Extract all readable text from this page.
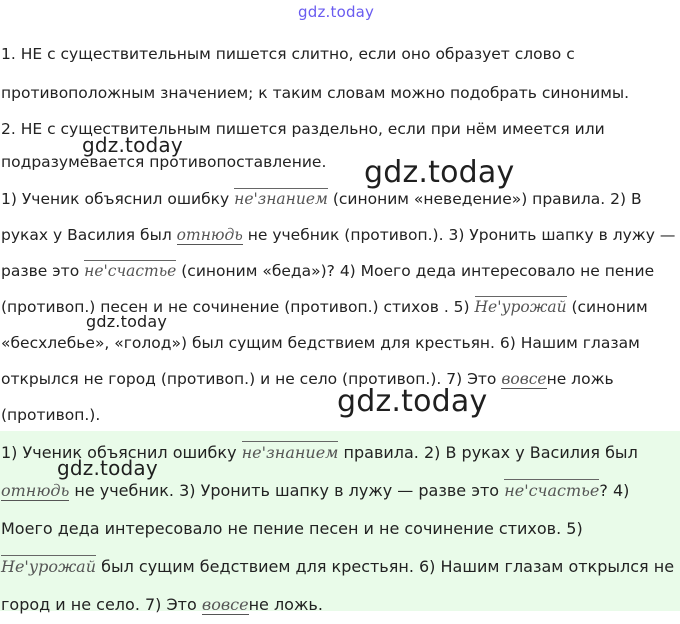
gdz.today
1. НЕ с существительным пишется слитно, если оно образует слово с противоположным значением; к таким словам можно подобрать синонимы.
2. НЕ с существительным пишется раздельно, если при нём имеется или подразумевается противопоставление.
1) Ученик объяснил ошибку не'знанием (синоним «неведение») правила. 2) В руках у Василия был отнюдь не учебник (противоп.). 3) Уронить шапку в лужу — разве это не'счастье (синоним «беда»)? 4) Моего деда интересовало не пение (противоп.) песен и не сочинение (противоп.) стихов . 5) Не'урожай (синоним «бесхлебье», «голод») был сущим бедствием для крестьян. 6) Нашим глазам открылся не город (противоп.) и не село (противоп.). 7) Это вовсене ложь (противоп.).
1) Ученик объяснил ошибку не'знанием правила. 2) В руках у Василия был отнюдь не учебник. 3) Уронить шапку в лужу — разве это не'счастье? 4) Моего деда интересовало не пение песен и не сочинение стихов. 5) Не'урожай был сущим бедствием для крестьян. 6) Нашим глазам открылся не город и не село. 7) Это вовсене ложь.
gdz.today
gdz.today
gdz.today
gdz.today
gdz.today
